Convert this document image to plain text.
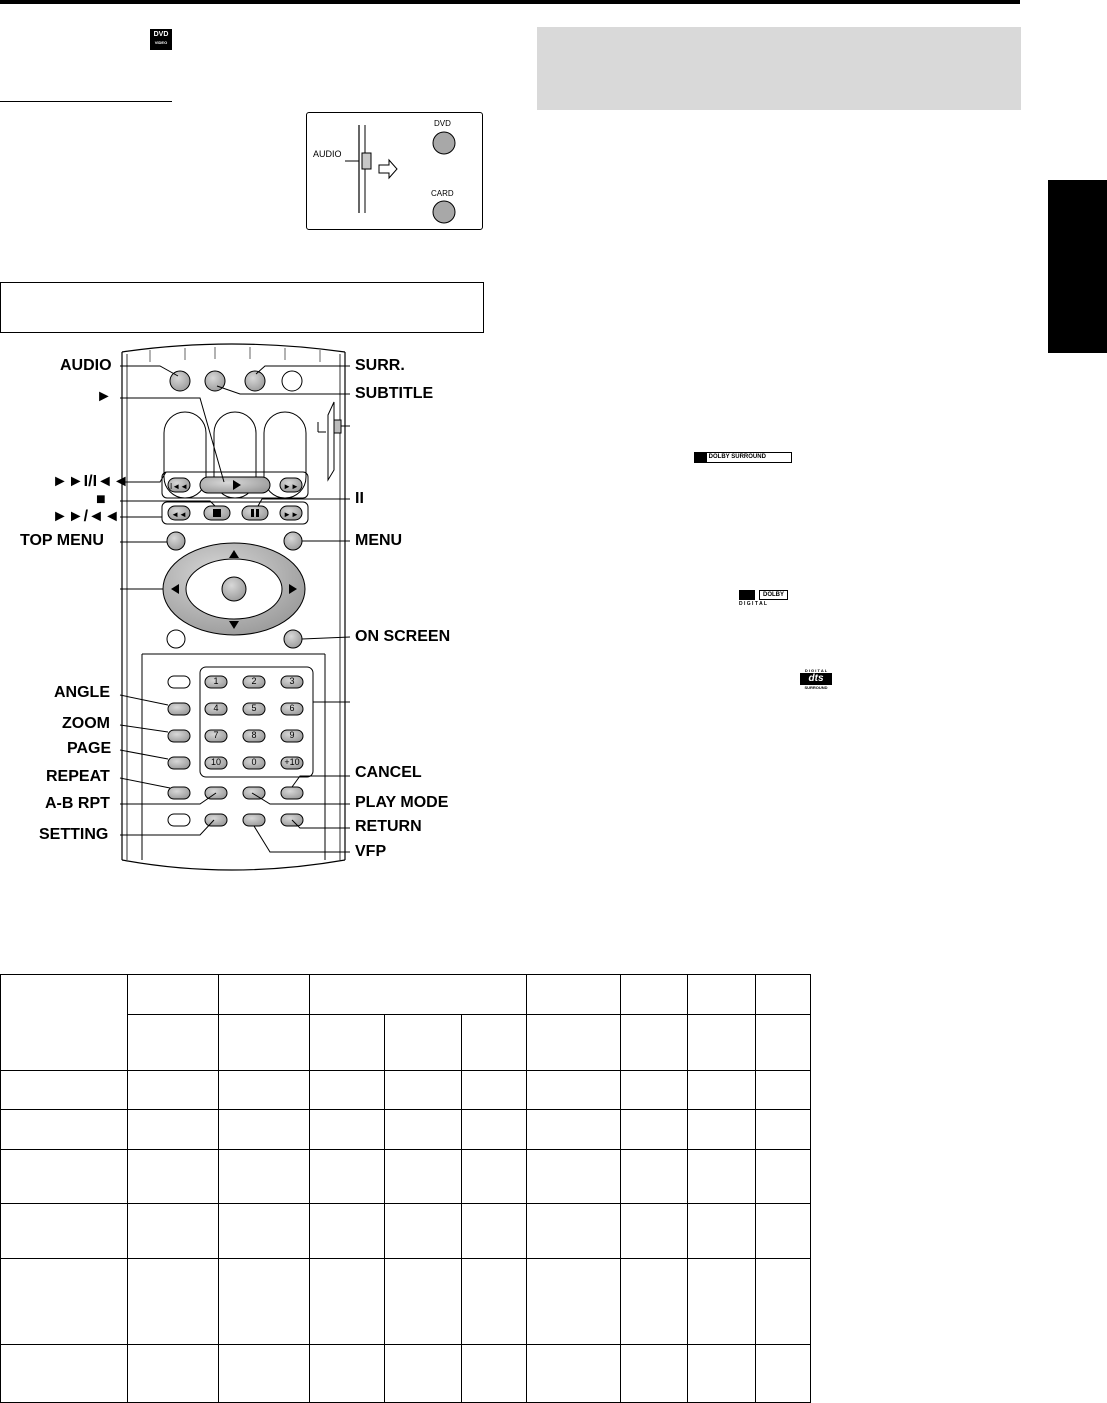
DVD
VIDEO
AUDIO
DVD
CARD
I◄◄	►►
◄◄	►►
1	2	3
4	5	6
7	8	9
10	0	+10
AUDIO
►
►►I/I◄◄
■
►►/◄◄
TOP MENU
ANGLE
ZOOM
PAGE
REPEAT
A-B RPT
SETTING
SURR.
SUBTITLE
II
MENU
ON SCREEN
CANCEL
PLAY MODE
RETURN
VFP
DOLBY SURROUND
DOLBY
D I G I T A L
D I G I T A L
dts
SURROUND
